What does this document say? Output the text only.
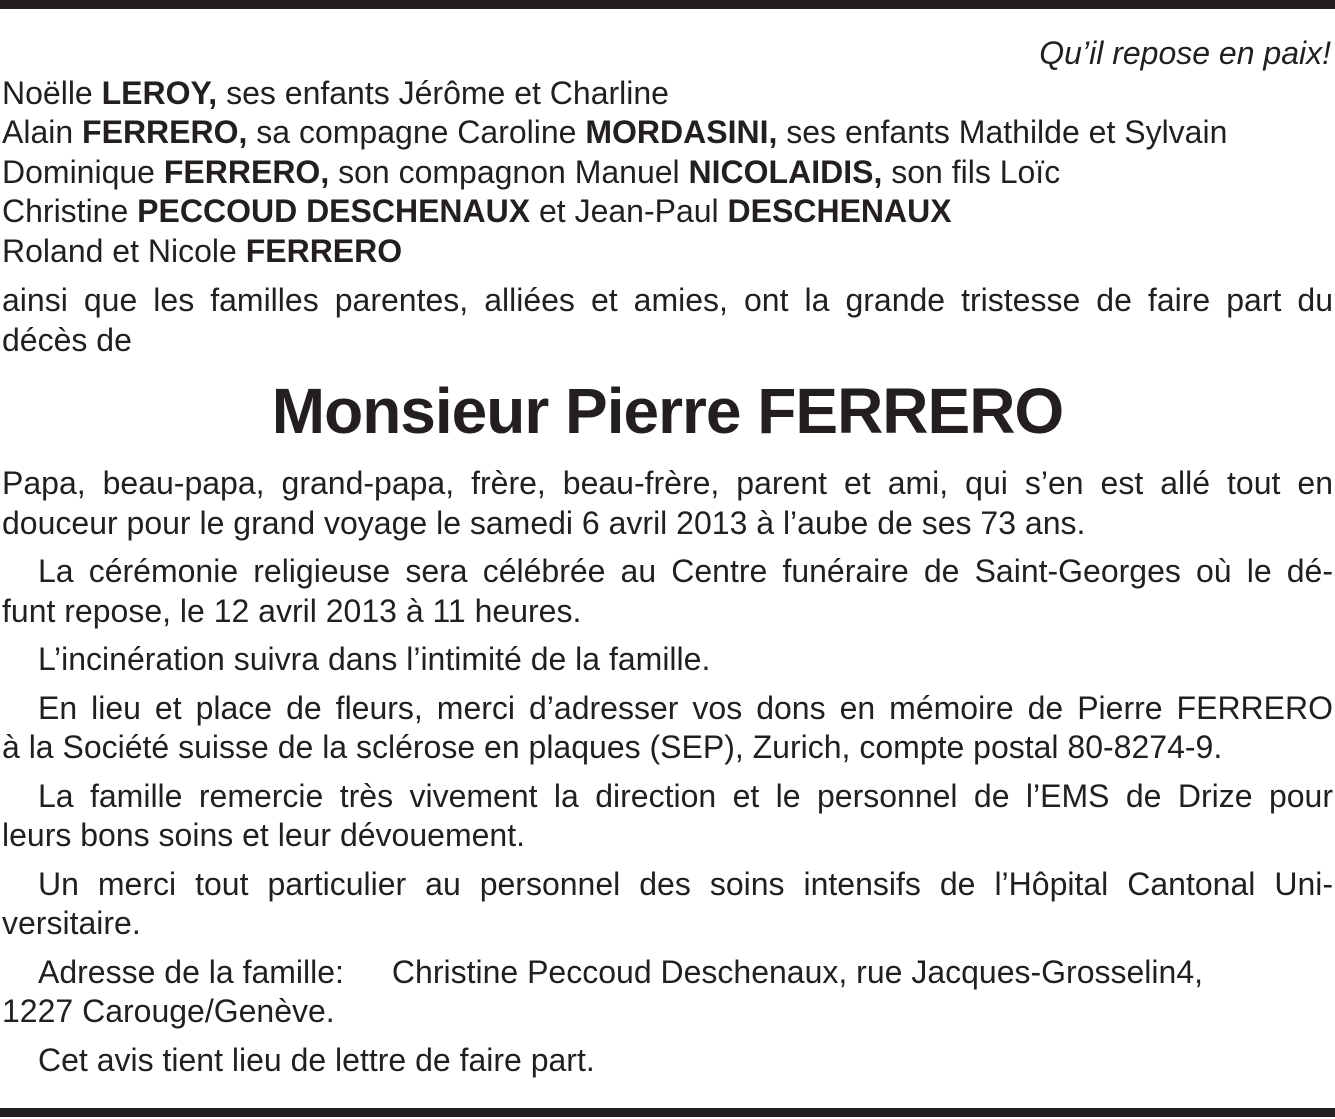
Qu’il repose en paix!
Noëlle LEROY, ses enfants Jérôme et Charline
Alain FERRERO, sa compagne Caroline MORDASINI, ses enfants Mathilde et Sylvain
Dominique FERRERO, son compagnon Manuel NICOLAIDIS, son fils Loïc
Christine PECCOUD DESCHENAUX et Jean-Paul DESCHENAUX
Roland et Nicole FERRERO
ainsi que les familles parentes, alliées et amies, ont la grande tristesse de faire part du
décès de
Monsieur Pierre FERRERO
Papa, beau-papa, grand-papa, frère, beau-frère, parent et ami, qui s’en est allé tout en
douceur pour le grand voyage le samedi 6 avril 2013 à l’aube de ses 73 ans.
La cérémonie religieuse sera célébrée au Centre funéraire de Saint-Georges où le dé-
funt repose, le 12 avril 2013 à 11 heures.
L’incinération suivra dans l’intimité de la famille.
En lieu et place de fleurs, merci d’adresser vos dons en mémoire de Pierre FERRERO
à la Société suisse de la sclérose en plaques (SEP), Zurich, compte postal 80-8274-9.
La famille remercie très vivement la direction et le personnel de l’EMS de Drize pour
leurs bons soins et leur dévouement.
Un merci tout particulier au personnel des soins intensifs de l’Hôpital Cantonal Uni-
versitaire.
Adresse de la famille: Christine Peccoud Deschenaux, rue Jacques-Grosselin4,
1227 Carouge/Genève.
Cet avis tient lieu de lettre de faire part.
